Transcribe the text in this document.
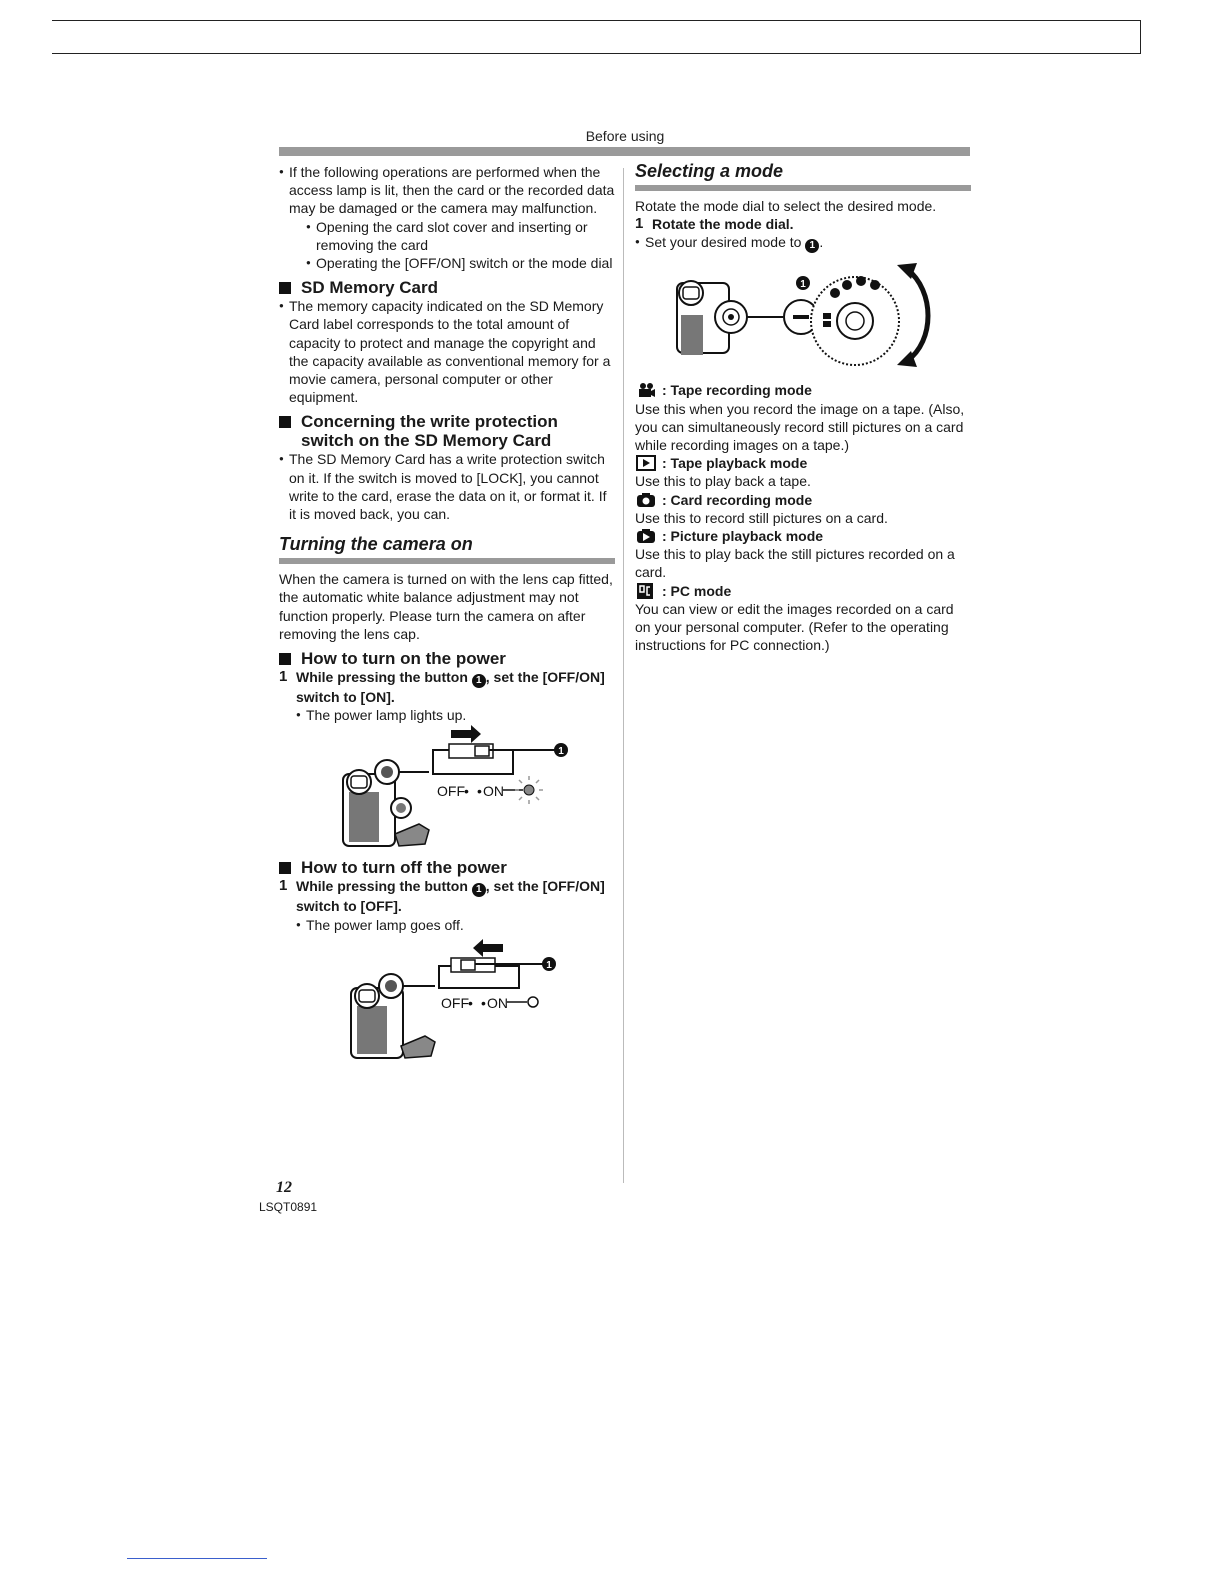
Before using

● If the following operations are performed when the access lamp is lit, then the card or the recorded data may be damaged or the camera may malfunction.

● Opening the card slot cover and inserting or removing the card

● Operating the [OFF/ON] switch or the mode dial

SD Memory Card

● The memory capacity indicated on the SD Memory Card label corresponds to the total amount of capacity to protect and manage the copyright and the capacity available as conventional memory for a movie camera, personal computer or other equipment.

Concerning the write protection
switch on the SD Memory Card

● The SD Memory Card has a write protection switch on it. If the switch is moved to [LOCK], you cannot write to the card, erase the data on it, or format it. If it is moved back, you can.

Turning the camera on

When the camera is turned on with the lens cap fitted, the automatic white balance adjustment may not function properly. Please turn the camera on after removing the lens cap.

How to turn on the power
1 While pressing the button 1 , set the [OFF/ON] switch to [ON].

● The power lamp lights up.

1
OFF • • ON
How to turn off the power
1 While pressing the button 1 , set the [OFF/ON] switch to [OFF].

● The power lamp goes off.

1
OFF • • ON
Selecting a mode

Rotate the mode dial to select the desired mode.

1 Rotate the mode dial.

● Set your desired mode to 1 .

1
: Tape recording mode

Use this when you record the image on a tape. (Also, you can simultaneously record still pictures on a card while recording images on a tape.)

: Tape playback mode

Use this to play back a tape.

: Card recording mode

Use this to record still pictures on a card.

: Picture playback mode

Use this to play back the still pictures recorded on a card.

: PC mode

You can view or edit the images recorded on a card on your personal computer. (Refer to the operating instructions for PC connection.)

12
LSQT0891
